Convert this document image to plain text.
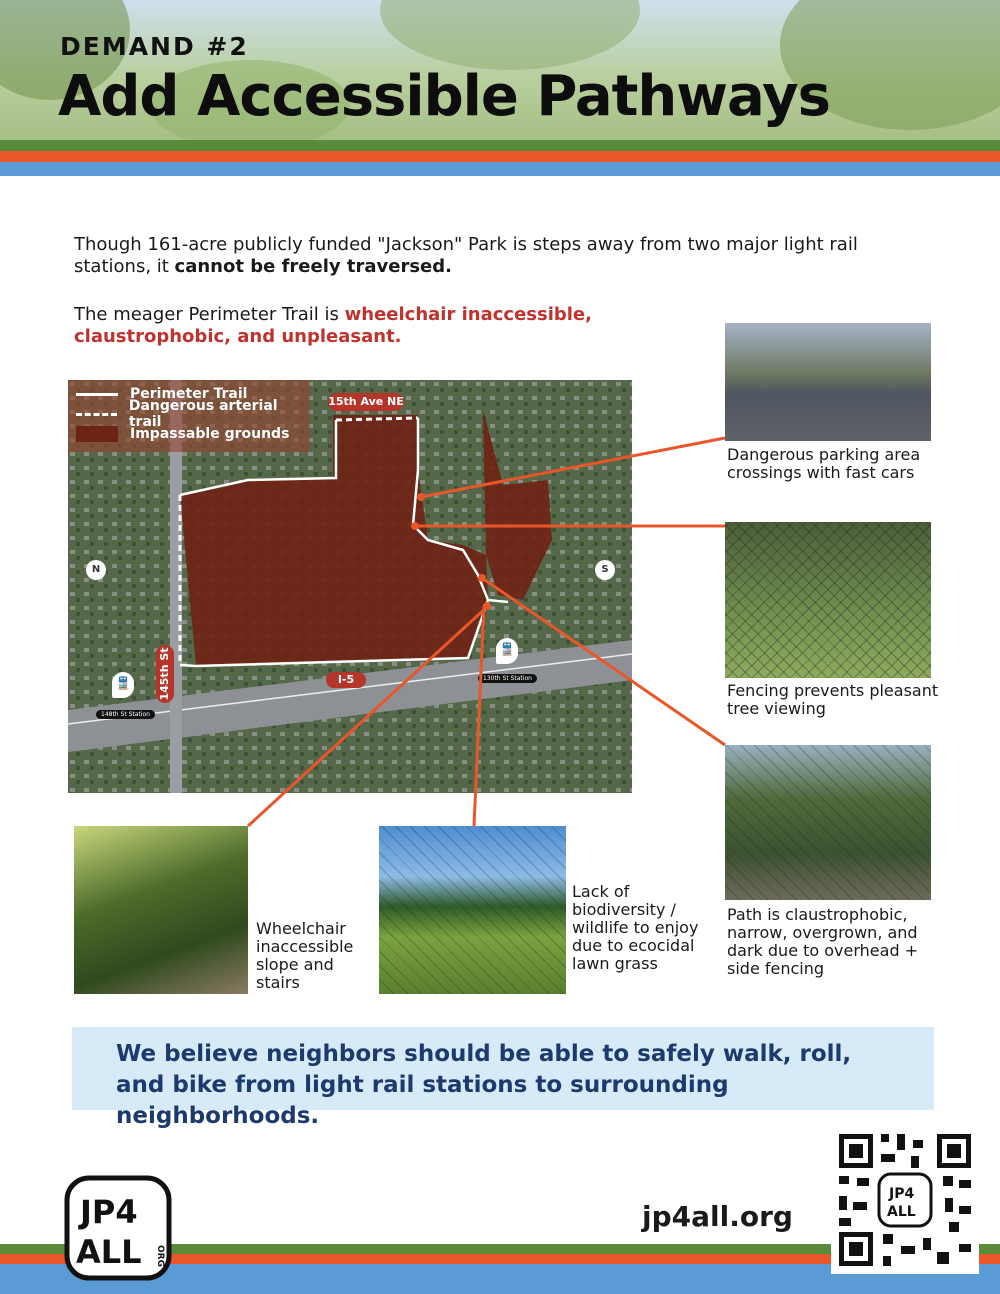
DEMAND #2
Add Accessible Pathways
Though 161-acre publicly funded "Jackson" Park is steps away from two major light rail stations, it cannot be freely traversed.
The meager Perimeter Trail is wheelchair inaccessible, claustrophobic, and unpleasant.
15th Ave NE
145th St	I-5
148th St Station
130th St Station
N	S
🚆
🚆
Perimeter Trail
Dangerous arterial trail
Impassable grounds
Dangerous parking area crossings with fast cars
Fencing prevents pleasant tree viewing
Path is claustrophobic, narrow, overgrown, and dark due to overhead + side fencing
Wheelchair inaccessible slope and stairs
Lack of biodiversity / wildlife to enjoy due to ecocidal lawn grass
We believe neighbors should be able to safely walk, roll, and bike from light rail stations to surrounding neighborhoods.
JP4
ALL ORG
jp4all.org
JP4
ALL
